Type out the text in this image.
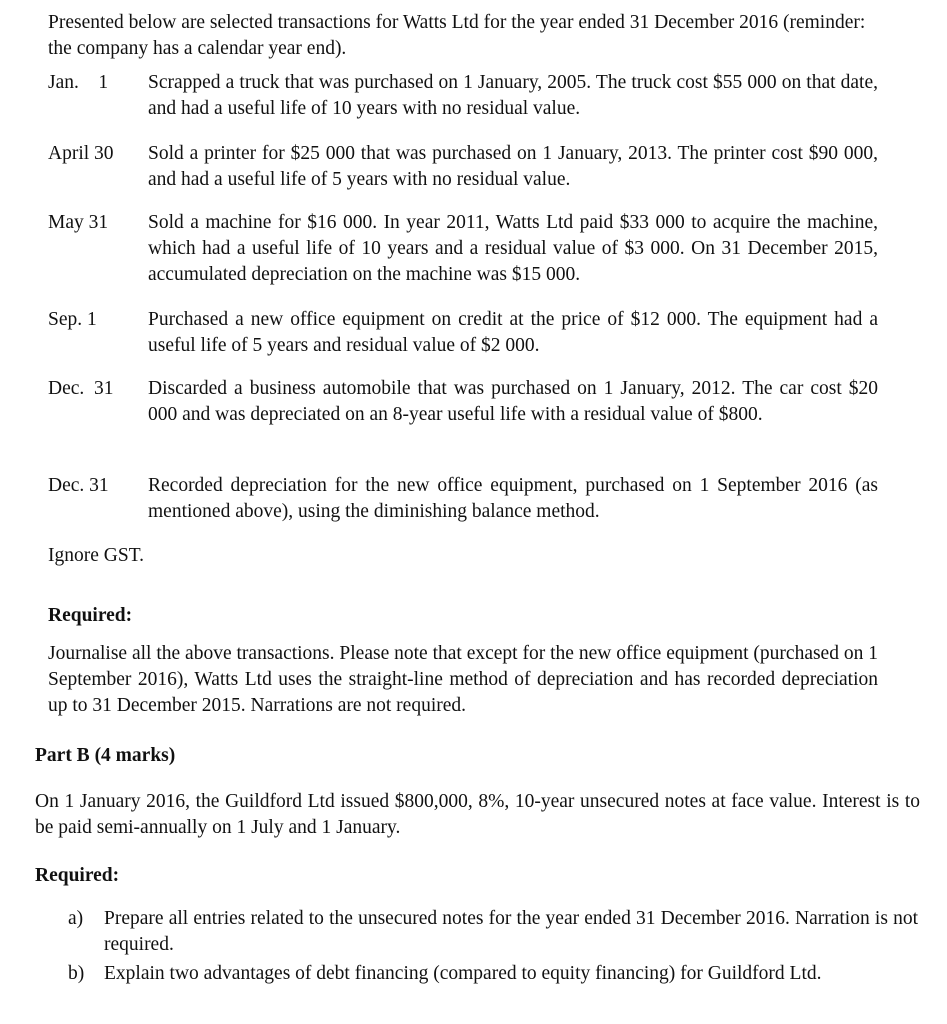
Presented below are selected transactions for Watts Ltd for the year ended 31 December 2016 (reminder: the company has a calendar year end).
Jan.    1 Scrapped a truck that was purchased on 1 January, 2005. The truck cost $55 000 on that date, and had a useful life of 10 years with no residual value.
April 30 Sold a printer for $25 000 that was purchased on 1 January, 2013. The printer cost $90 000, and had a useful life of 5 years with no residual value.
May 31 Sold a machine for $16 000. In year 2011, Watts Ltd paid $33 000 to acquire the machine, which had a useful life of 10 years and a residual value of $3 000. On 31 December 2015, accumulated depreciation on the machine was $15 000.
Sep. 1	Purchased a new office equipment on credit at the price of $12 000. The equipment had a useful life of 5 years and residual value of $2 000.
Dec.  31 Discarded a business automobile that was purchased on 1 January, 2012. The car cost $20 000 and was depreciated on an 8-year useful life with a residual value of $800.
Dec. 31 Recorded depreciation for the new office equipment, purchased on 1 September 2016 (as mentioned above), using the diminishing balance method.
Ignore GST.
Required:
Journalise all the above transactions. Please note that except for the new office equipment (purchased on 1 September 2016), Watts Ltd uses the straight-line method of depreciation and has recorded depreciation up to 31 December 2015. Narrations are not required.
Part B (4 marks)
On 1 January 2016, the Guildford Ltd issued $800,000, 8%, 10-year unsecured notes at face value. Interest is to be paid semi-annually on 1 July and 1 January.
Required:
a) Prepare all entries related to the unsecured notes for the year ended 31 December 2016. Narration is not required.
b) Explain two advantages of debt financing (compared to equity financing) for Guildford Ltd.
